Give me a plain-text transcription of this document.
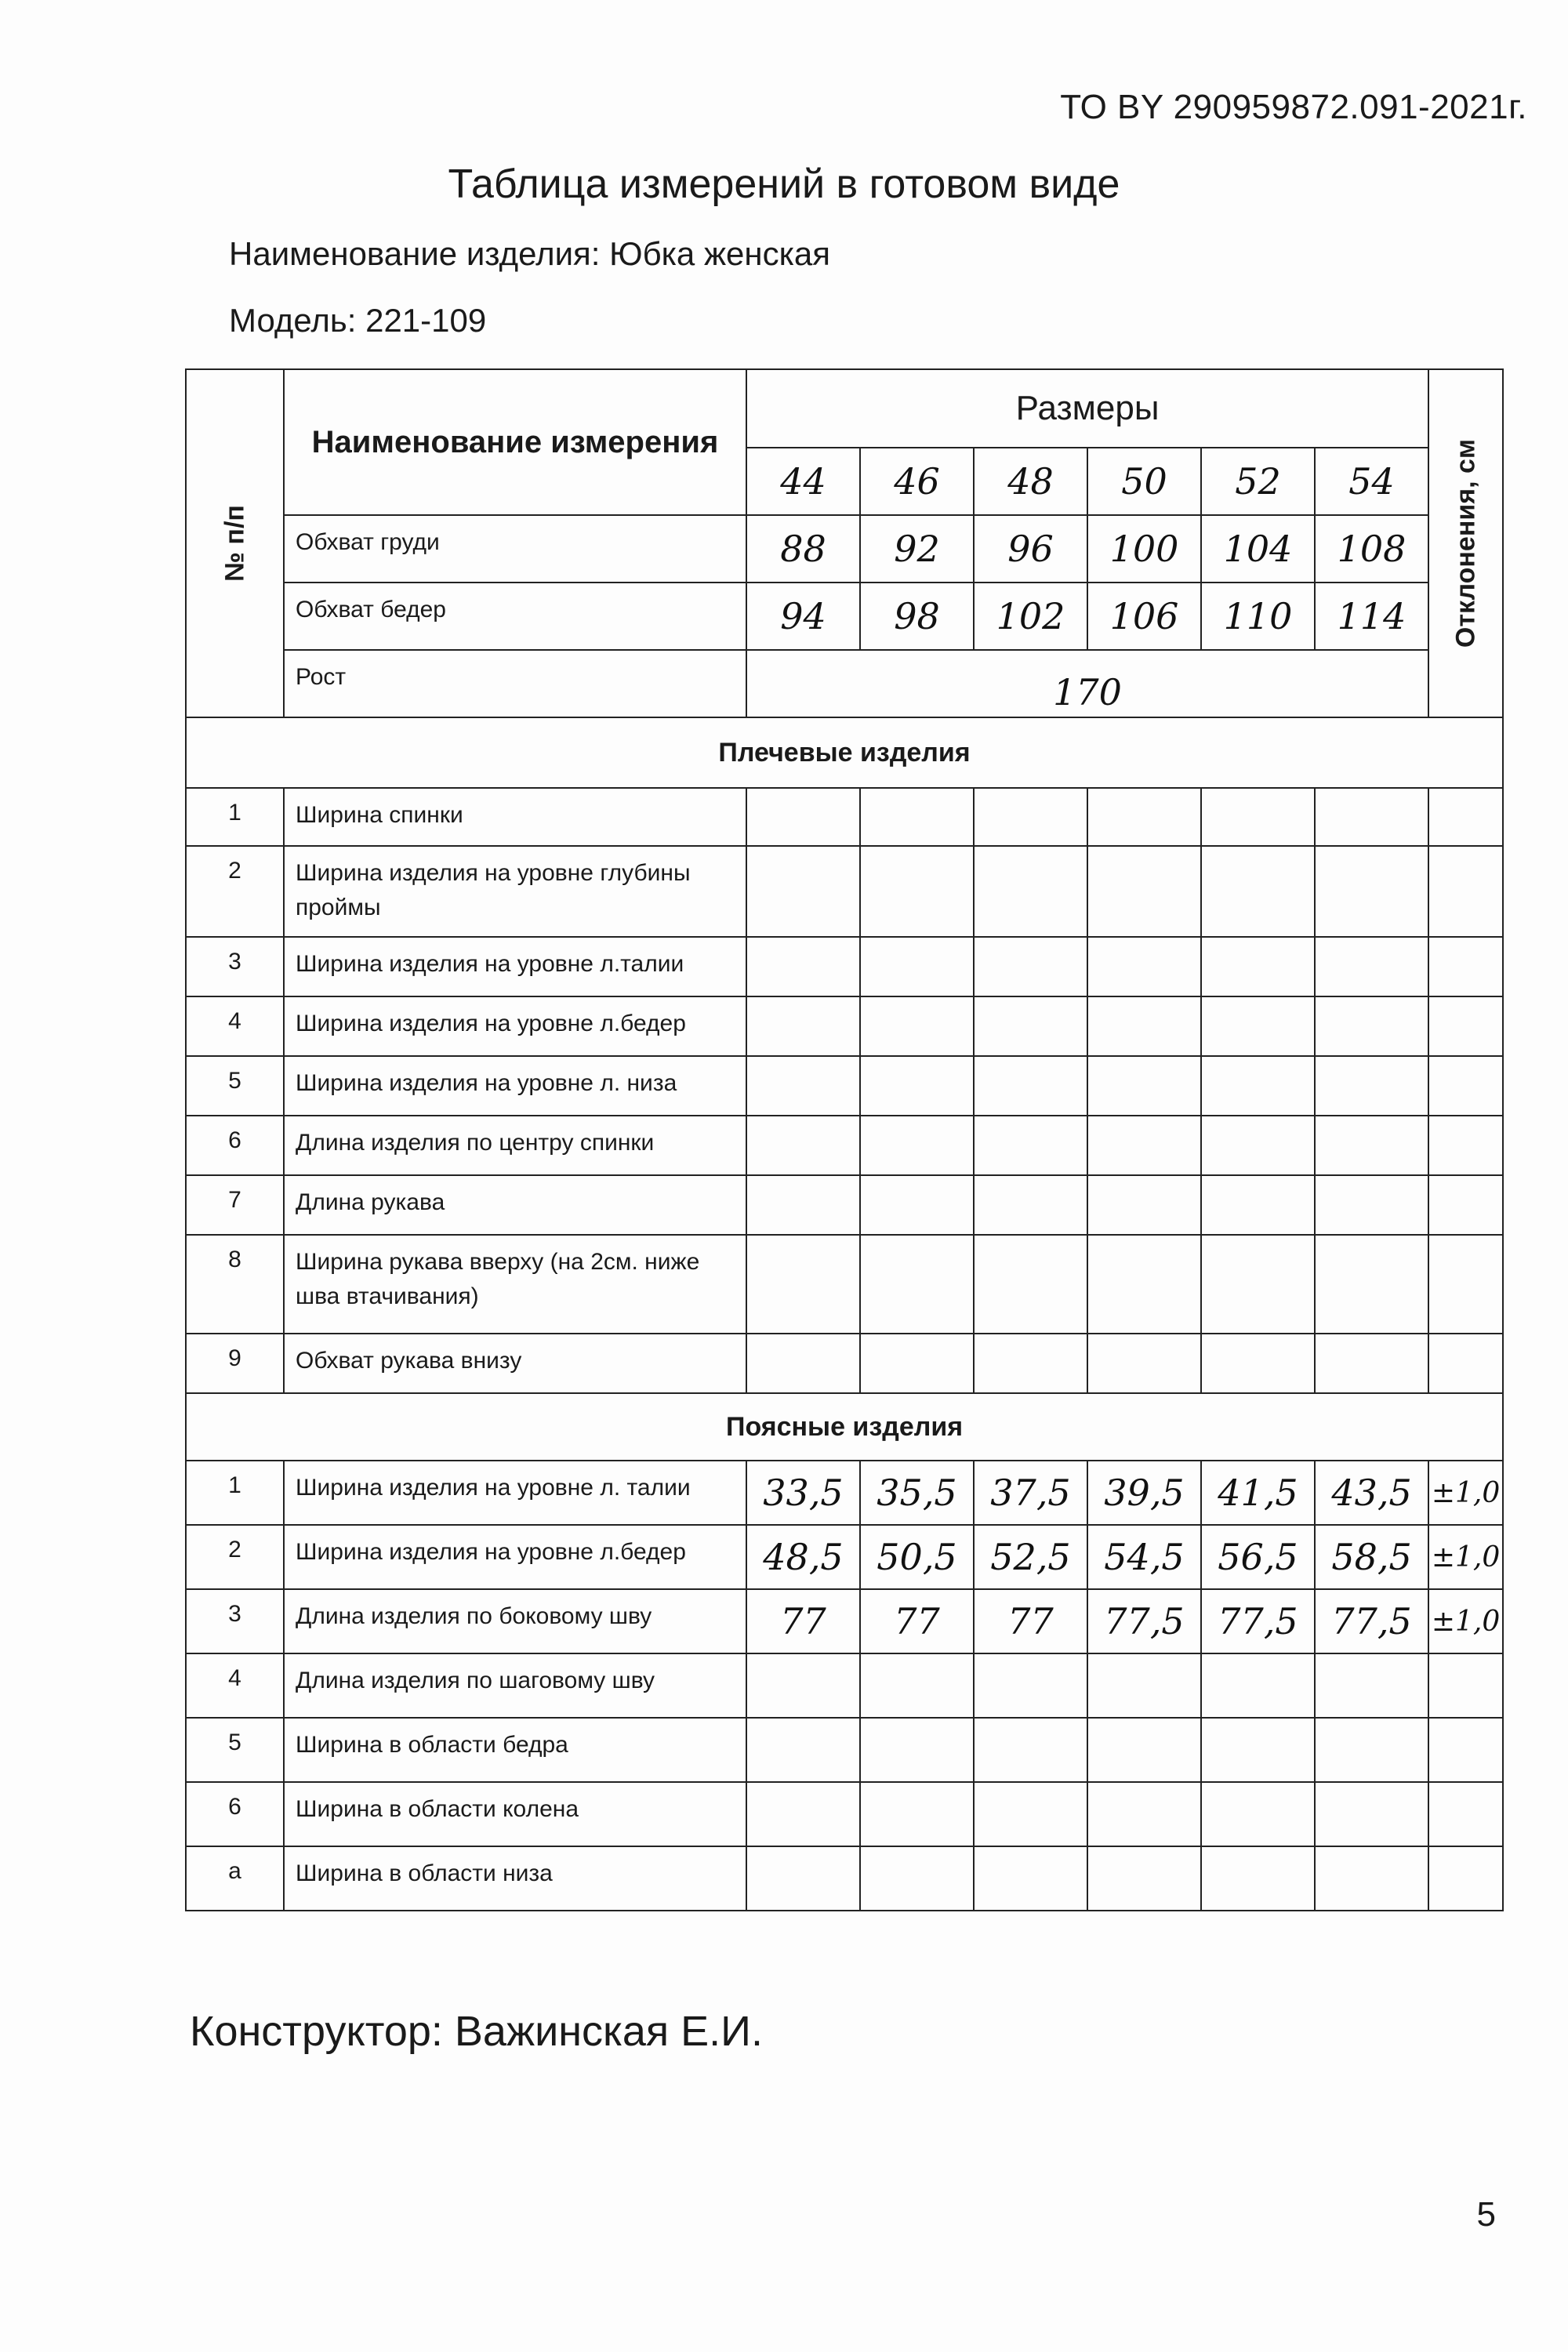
ТО BY 290959872.091-2021г.
Таблица измерений в готовом виде
Наименование изделия: Юбка женская
Модель: 221-109
№ п/п	Наименование измерения	Размеры						Отклонения, см

		44	46	48	50	52	54	
	Обхват груди	88	92	96	100	104	108	
	Обхват бедер	94	98	102	106	110	114	
	Рост	170						
Плечевые изделия								
1	Ширина спинки							
2	Ширина изделия на уровне глубины проймы							
3	Ширина изделия на уровне л.талии							
4	Ширина изделия на уровне л.бедер							
5	Ширина изделия на уровне л. низа							
6	Длина изделия по центру спинки							
7	Длина рукава							
8	Ширина рукава вверху (на 2см. ниже шва втачивания)							
9	Обхват рукава внизу							
Поясные изделия								
1	Ширина изделия на уровне л. талии	33,5	35,5	37,5	39,5	41,5	43,5	±1,0
2	Ширина изделия на уровне л.бедер	48,5	50,5	52,5	54,5	56,5	58,5	±1,0
3	Длина изделия по боковому шву	77	77	77	77,5	77,5	77,5	±1,0
4	Длина изделия по шаговому шву							
5	Ширина в области бедра							
6	Ширина в области колена							
а	Ширина в области низа							
Конструктор: Важинская Е.И.
5
